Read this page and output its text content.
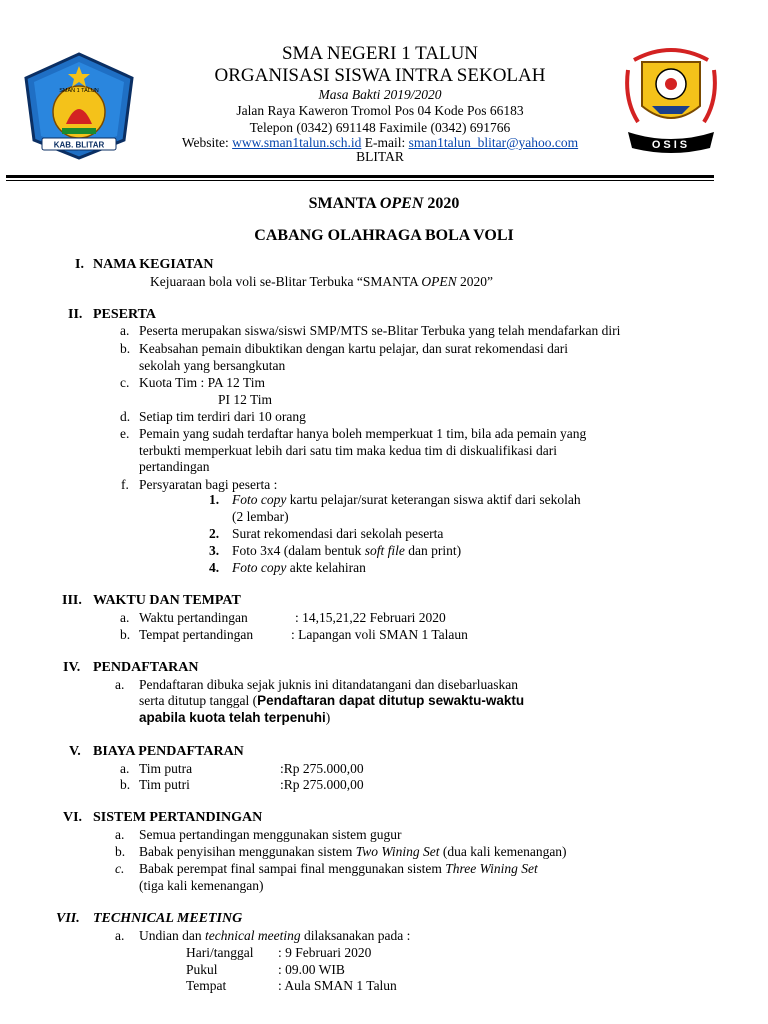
KAB. BLITAR
SMAN 1 TALUN
OSIS
SMA NEGERI 1 TALUN
ORGANISASI SISWA INTRA SEKOLAH
Masa Bakti 2019/2020
Jalan Raya Kaweron Tromol Pos 04 Kode Pos 66183
Telepon (0342) 691148 Faximile (0342) 691766
Website: www.sman1talun.sch.id E-mail: sman1talun_blitar@yahoo.com
BLITAR
SMANTA OPEN 2020
CABANG OLAHRAGA BOLA VOLI
I. NAMA KEGIATAN
Kejuaraan bola voli se-Blitar Terbuka “SMANTA OPEN 2020”
II. PESERTA
a. Peserta merupakan siswa/siswi SMP/MTS se-Blitar Terbuka yang telah mendafarkan diri
b. Keabsahan pemain dibuktikan dengan kartu pelajar, dan surat rekomendasi dari
sekolah yang bersangkutan
c. Kuota Tim : PA 12 Tim
PI 12 Tim
d. Setiap tim terdiri dari 10 orang
e. Pemain yang sudah terdaftar hanya boleh memperkuat 1 tim, bila ada pemain yang
terbukti memperkuat lebih dari satu tim maka kedua tim di diskualifikasi dari
pertandingan
f. Persyaratan bagi peserta :
1. Foto copy kartu pelajar/surat keterangan siswa aktif dari sekolah
(2 lembar)
2. Surat rekomendasi dari sekolah peserta
3. Foto 3x4 (dalam bentuk soft file dan print)
4. Foto copy akte kelahiran
III. WAKTU DAN TEMPAT
a. Waktu pertandingan	: 14,15,21,22 Februari 2020
b. Tempat pertandingan	: Lapangan voli SMAN 1 Talaun
IV. PENDAFTARAN
a. Pendaftaran dibuka sejak juknis ini ditandatangani dan disebarluaskan
serta ditutup tanggal (Pendaftaran dapat ditutup sewaktu-waktu
apabila kuota telah terpenuhi)
V. BIAYA PENDAFTARAN
a. Tim putra	:Rp 275.000,00
b. Tim putri	:Rp 275.000,00
VI. SISTEM PERTANDINGAN
a. Semua pertandingan menggunakan sistem gugur
b. Babak penyisihan menggunakan sistem Two Wining Set (dua kali kemenangan)
c. Babak perempat final sampai final menggunakan sistem Three Wining Set
(tiga kali kemenangan)
VII. TECHNICAL MEETING
a. Undian dan technical meeting dilaksanakan pada :
Hari/tanggal : 9 Februari 2020
Pukul	: 09.00 WIB
Tempat	: Aula SMAN 1 Talun
